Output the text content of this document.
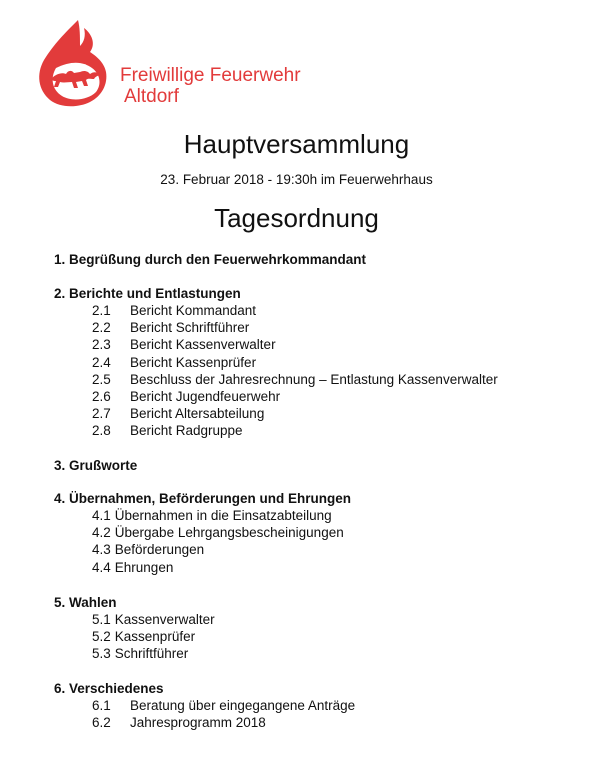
Freiwillige Feuerwehr
Altdorf
Hauptversammlung
23. Februar 2018 - 19:30h im Feuerwehrhaus
Tagesordnung
1. Begrüßung durch den Feuerwehrkommandant
2. Berichte und Entlastungen
2.1 Bericht Kommandant
2.2 Bericht Schriftführer
2.3 Bericht Kassenverwalter
2.4 Bericht Kassenprüfer
2.5 Beschluss der Jahresrechnung – Entlastung Kassenverwalter
2.6 Bericht Jugendfeuerwehr
2.7 Bericht Altersabteilung
2.8 Bericht Radgruppe
3. Grußworte
4. Übernahmen, Beförderungen und Ehrungen
4.1 Übernahmen in die Einsatzabteilung
4.2 Übergabe Lehrgangsbescheinigungen
4.3 Beförderungen
4.4 Ehrungen
5. Wahlen
5.1 Kassenverwalter
5.2 Kassenprüfer
5.3 Schriftführer
6. Verschiedenes
6.1 Beratung über eingegangene Anträge
6.2 Jahresprogramm 2018
